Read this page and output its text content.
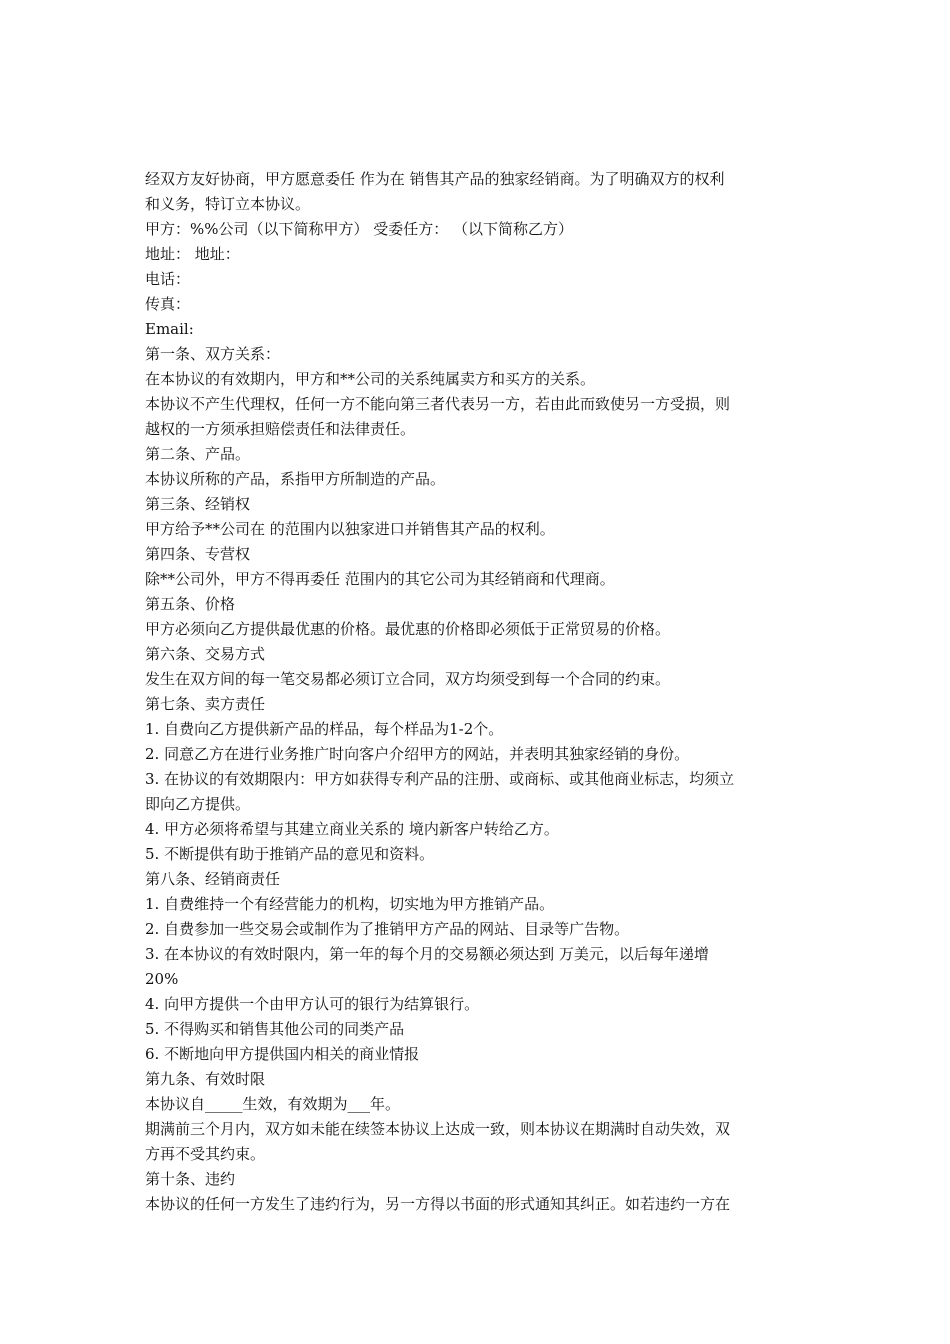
经双方友好协商，甲方愿意委任 作为在 销售其产品的独家经销商。为了明确双方的权利
和义务，特订立本协议。
甲方：%%公司（以下简称甲方） 受委任方： （以下简称乙方）
地址： 地址：
电话：
传真：
Email:
第一条、双方关系：
在本协议的有效期内，甲方和**公司的关系纯属卖方和买方的关系。
本协议不产生代理权，任何一方不能向第三者代表另一方，若由此而致使另一方受损，则
越权的一方须承担赔偿责任和法律责任。
第二条、产品。
本协议所称的产品，系指甲方所制造的产品。
第三条、经销权
甲方给予**公司在 的范围内以独家进口并销售其产品的权利。
第四条、专营权
除**公司外，甲方不得再委任 范围内的其它公司为其经销商和代理商。
第五条、价格
甲方必须向乙方提供最优惠的价格。最优惠的价格即必须低于正常贸易的价格。
第六条、交易方式
发生在双方间的每一笔交易都必须订立合同，双方均须受到每一个合同的约束。
第七条、卖方责任
1. 自费向乙方提供新产品的样品，每个样品为1-2个。
2. 同意乙方在进行业务推广时向客户介绍甲方的网站，并表明其独家经销的身份。
3. 在协议的有效期限内：甲方如获得专利产品的注册、或商标、或其他商业标志，均须立
即向乙方提供。
4. 甲方必须将希望与其建立商业关系的 境内新客户转给乙方。
5. 不断提供有助于推销产品的意见和资料。
第八条、经销商责任
1. 自费维持一个有经营能力的机构，切实地为甲方推销产品。
2. 自费参加一些交易会或制作为了推销甲方产品的网站、目录等广告物。
3. 在本协议的有效时限内，第一年的每个月的交易额必须达到 万美元，以后每年递增
20%
4. 向甲方提供一个由甲方认可的银行为结算银行。
5. 不得购买和销售其他公司的同类产品
6. 不断地向甲方提供国内相关的商业情报
第九条、有效时限
本协议自_____生效，有效期为___年。
期满前三个月内，双方如未能在续签本协议上达成一致，则本协议在期满时自动失效，双
方再不受其约束。
第十条、违约
本协议的任何一方发生了违约行为，另一方得以书面的形式通知其纠正。如若违约一方在
